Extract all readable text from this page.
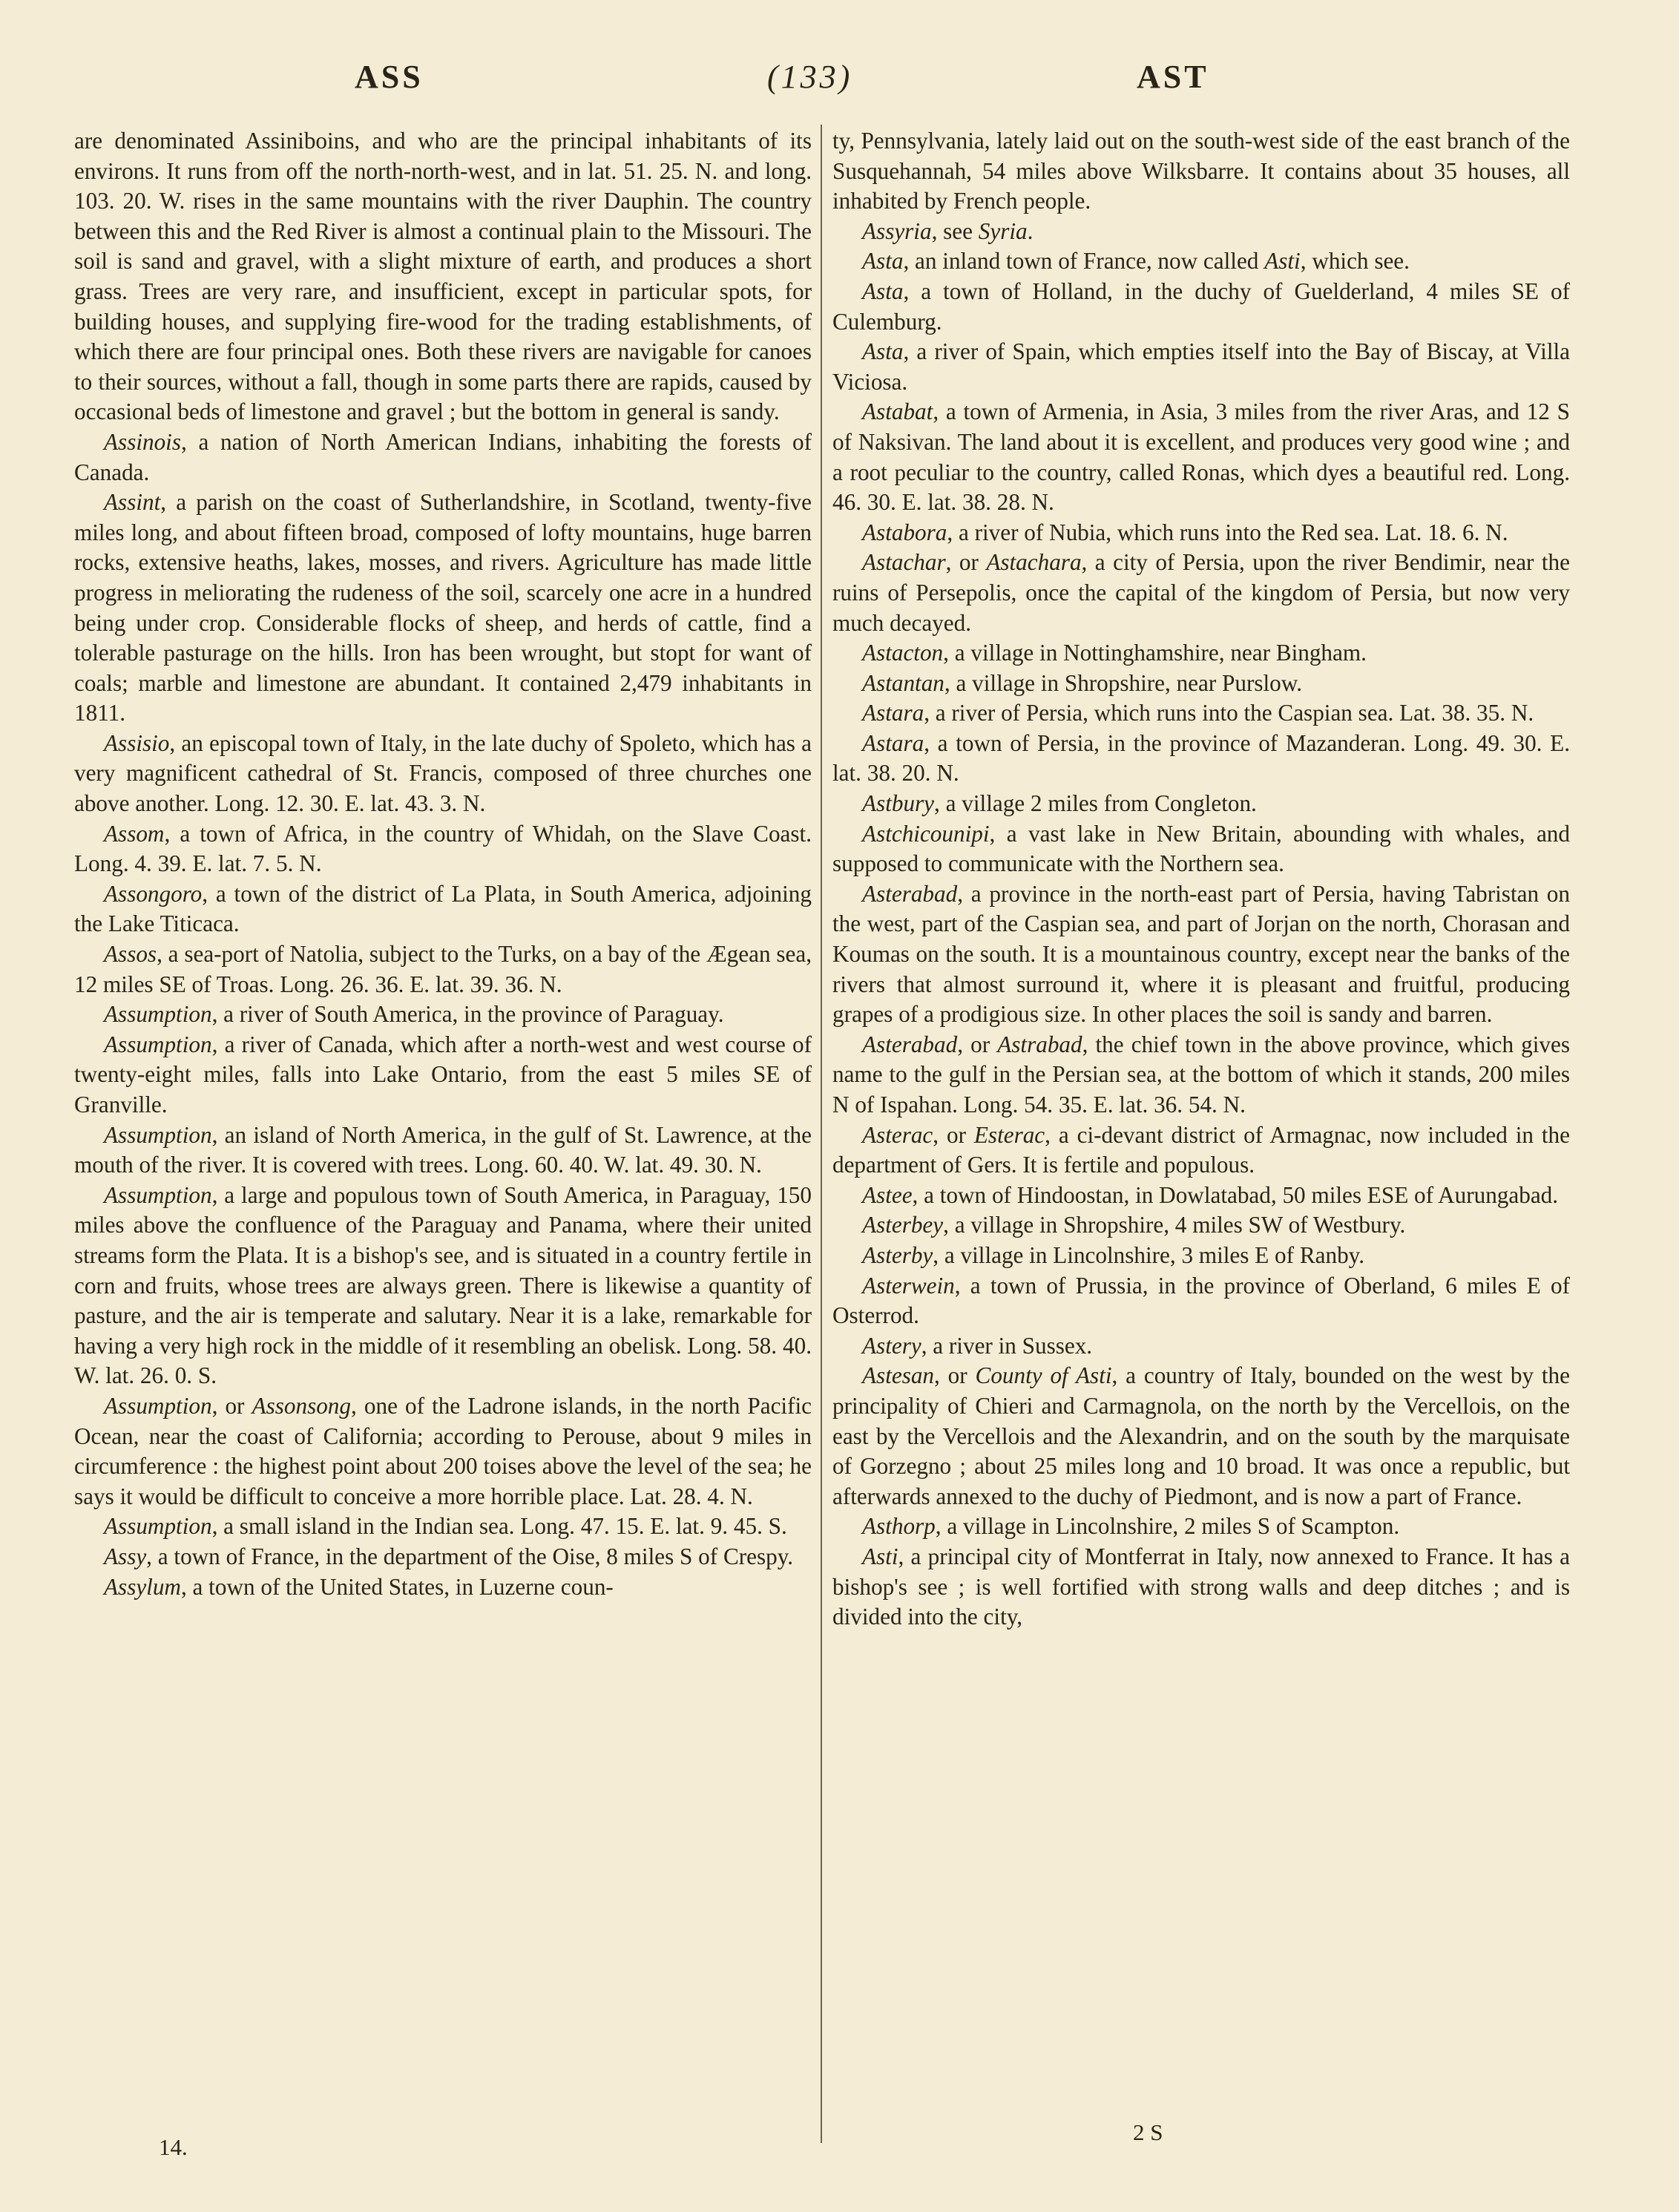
ASS	(133)	AST

are denominated Assiniboins, and who are the principal inhabitants of its environs. It runs from off the north-north-west, and in lat. 51. 25. N. and long. 103. 20. W. rises in the same mountains with the river Dauphin. The country between this and the Red River is almost a continual plain to the Missouri. The soil is sand and gravel, with a slight mixture of earth, and produces a short grass. Trees are very rare, and insufficient, except in particular spots, for building houses, and supplying fire-wood for the trading establishments, of which there are four principal ones. Both these rivers are navigable for canoes to their sources, without a fall, though in some parts there are rapids, caused by occasional beds of limestone and gravel ; but the bottom in general is sandy.

Assinois, a nation of North American Indians, inhabiting the forests of Canada.

Assint, a parish on the coast of Sutherlandshire, in Scotland, twenty-five miles long, and about fifteen broad, composed of lofty mountains, huge barren rocks, extensive heaths, lakes, mosses, and rivers. Agriculture has made little progress in meliorating the rudeness of the soil, scarcely one acre in a hundred being under crop. Considerable flocks of sheep, and herds of cattle, find a tolerable pasturage on the hills. Iron has been wrought, but stopt for want of coals; marble and limestone are abundant. It contained 2,479 inhabitants in 1811.

Assisio, an episcopal town of Italy, in the late duchy of Spoleto, which has a very magnificent cathedral of St. Francis, composed of three churches one above another. Long. 12. 30. E. lat. 43. 3. N.

Assom, a town of Africa, in the country of Whidah, on the Slave Coast. Long. 4. 39. E. lat. 7. 5. N.

Assongoro, a town of the district of La Plata, in South America, adjoining the Lake Titicaca.

Assos, a sea-port of Natolia, subject to the Turks, on a bay of the Ægean sea, 12 miles SE of Troas. Long. 26. 36. E. lat. 39. 36. N.

Assumption, a river of South America, in the province of Paraguay.

Assumption, a river of Canada, which after a north-west and west course of twenty-eight miles, falls into Lake Ontario, from the east 5 miles SE of Granville.

Assumption, an island of North America, in the gulf of St. Lawrence, at the mouth of the river. It is covered with trees. Long. 60. 40. W. lat. 49. 30. N.

Assumption, a large and populous town of South America, in Paraguay, 150 miles above the confluence of the Paraguay and Panama, where their united streams form the Plata. It is a bishop's see, and is situated in a country fertile in corn and fruits, whose trees are always green. There is likewise a quantity of pasture, and the air is temperate and salutary. Near it is a lake, remarkable for having a very high rock in the middle of it resembling an obelisk. Long. 58. 40. W. lat. 26. 0. S.

Assumption, or Assonsong, one of the Ladrone islands, in the north Pacific Ocean, near the coast of California; according to Perouse, about 9 miles in circumference : the highest point about 200 toises above the level of the sea; he says it would be difficult to conceive a more horrible place. Lat. 28. 4. N.

Assumption, a small island in the Indian sea. Long. 47. 15. E. lat. 9. 45. S.

Assy, a town of France, in the department of the Oise, 8 miles S of Crespy.

Assylum, a town of the United States, in Luzerne coun-

ty, Pennsylvania, lately laid out on the south-west side of the east branch of the Susquehannah, 54 miles above Wilksbarre. It contains about 35 houses, all inhabited by French people.

Assyria, see Syria.

Asta, an inland town of France, now called Asti, which see.

Asta, a town of Holland, in the duchy of Guelderland, 4 miles SE of Culemburg.

Asta, a river of Spain, which empties itself into the Bay of Biscay, at Villa Viciosa.

Astabat, a town of Armenia, in Asia, 3 miles from the river Aras, and 12 S of Naksivan. The land about it is excellent, and produces very good wine ; and a root peculiar to the country, called Ronas, which dyes a beautiful red. Long. 46. 30. E. lat. 38. 28. N.

Astabora, a river of Nubia, which runs into the Red sea. Lat. 18. 6. N.

Astachar, or Astachara, a city of Persia, upon the river Bendimir, near the ruins of Persepolis, once the capital of the kingdom of Persia, but now very much decayed.

Astacton, a village in Nottinghamshire, near Bingham.

Astantan, a village in Shropshire, near Purslow.

Astara, a river of Persia, which runs into the Caspian sea. Lat. 38. 35. N.

Astara, a town of Persia, in the province of Mazanderan. Long. 49. 30. E. lat. 38. 20. N.

Astbury, a village 2 miles from Congleton.

Astchicounipi, a vast lake in New Britain, abounding with whales, and supposed to communicate with the Northern sea.

Asterabad, a province in the north-east part of Persia, having Tabristan on the west, part of the Caspian sea, and part of Jorjan on the north, Chorasan and Koumas on the south. It is a mountainous country, except near the banks of the rivers that almost surround it, where it is pleasant and fruitful, producing grapes of a prodigious size. In other places the soil is sandy and barren.

Asterabad, or Astrabad, the chief town in the above province, which gives name to the gulf in the Persian sea, at the bottom of which it stands, 200 miles N of Ispahan. Long. 54. 35. E. lat. 36. 54. N.

Asterac, or Esterac, a ci-devant district of Armagnac, now included in the department of Gers. It is fertile and populous.

Astee, a town of Hindoostan, in Dowlatabad, 50 miles ESE of Aurungabad.

Asterbey, a village in Shropshire, 4 miles SW of Westbury.

Asterby, a village in Lincolnshire, 3 miles E of Ranby.

Asterwein, a town of Prussia, in the province of Oberland, 6 miles E of Osterrod.

Astery, a river in Sussex.

Astesan, or County of Asti, a country of Italy, bounded on the west by the principality of Chieri and Carmagnola, on the north by the Vercellois, on the east by the Vercellois and the Alexandrin, and on the south by the marquisate of Gorzegno ; about 25 miles long and 10 broad. It was once a republic, but afterwards annexed to the duchy of Piedmont, and is now a part of France.

Asthorp, a village in Lincolnshire, 2 miles S of Scampton.

Asti, a principal city of Montferrat in Italy, now annexed to France. It has a bishop's see ; is well fortified with strong walls and deep ditches ; and is divided into the city,

14.
2 S
